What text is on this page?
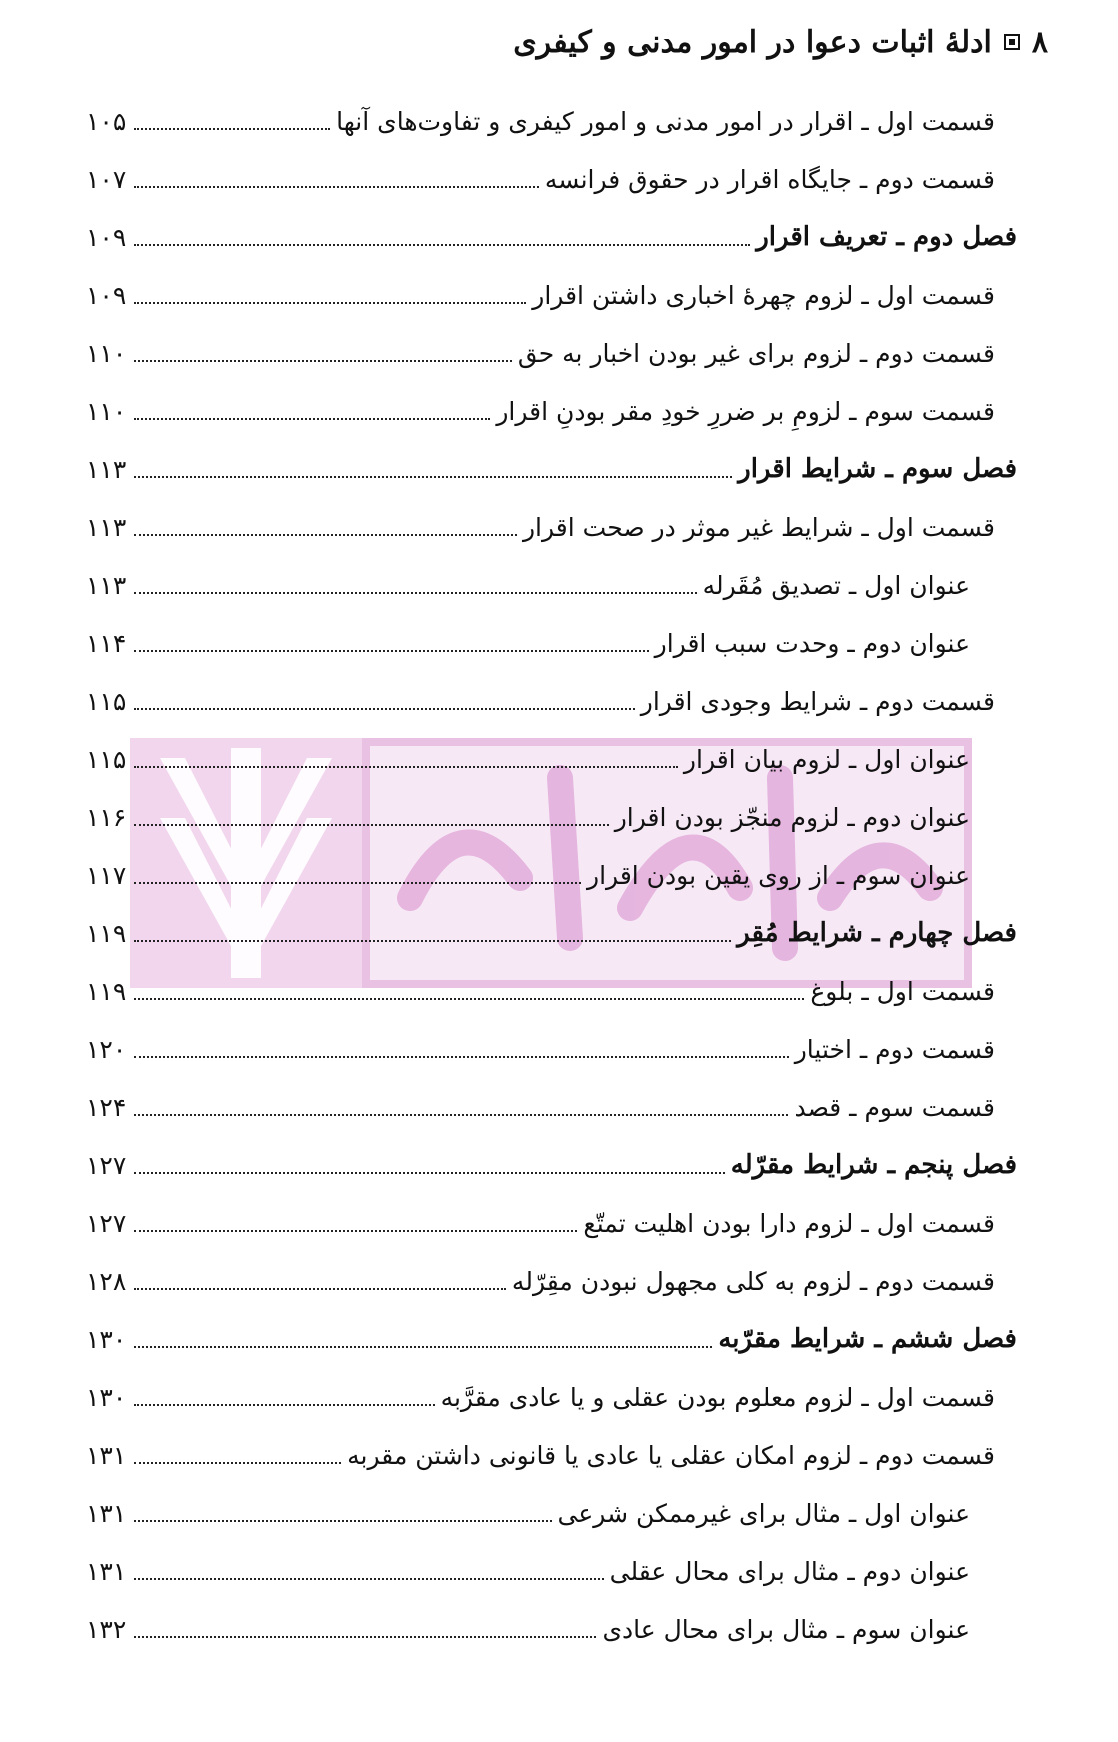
۸
ادلهٔ اثبات دعوا در امور مدنی و کیفری
قسمت اول ـ اقرار در امور مدنی و امور کیفری و تفاوت‌های آنها
۱۰۵
قسمت دوم ـ جایگاه اقرار در حقوق فرانسه
۱۰۷
فصل دوم ـ تعریف اقرار
۱۰۹
قسمت اول ـ لزوم چهرهٔ اخباری داشتن اقرار
۱۰۹
قسمت دوم ـ لزوم برای غیر بودن اخبار به حق
۱۱۰
قسمت سوم ـ لزومِ بر ضررِ خودِ مقر بودنِ اقرار
۱۱۰
فصل سوم ـ شرایط اقرار
۱۱۳
قسمت اول ـ شرایط غیر موثر در صحت اقرار
۱۱۳
عنوان اول ـ تصدیق مُقَرله
۱۱۳
عنوان دوم ـ وحدت سبب اقرار
۱۱۴
قسمت دوم ـ شرایط وجودی اقرار
۱۱۵
عنوان اول ـ لزوم بیان اقرار
۱۱۵
عنوان دوم ـ لزوم منجّز بودن اقرار
۱۱۶
عنوان سوم ـ از روی یقین بودن اقرار
۱۱۷
فصل چهارم ـ شرایط مُقِر
۱۱۹
قسمت اول ـ بلوغ
۱۱۹
قسمت دوم ـ اختیار
۱۲۰
قسمت سوم ـ قصد
۱۲۴
فصل پنجم ـ شرایط مقرّله
۱۲۷
قسمت اول ـ لزوم دارا بودن اهلیت تمتّع
۱۲۷
قسمت دوم ـ لزوم به کلی مجهول نبودن مقِرّله
۱۲۸
فصل ششم ـ شرایط مقرّبه
۱۳۰
قسمت اول ـ لزوم معلوم بودن عقلی و یا عادی مقرَّبه
۱۳۰
قسمت دوم ـ لزوم امکان عقلی یا عادی یا قانونی داشتن مقربه
۱۳۱
عنوان اول ـ مثال برای غیرممکن شرعی
۱۳۱
عنوان دوم ـ مثال برای محال عقلی
۱۳۱
عنوان سوم ـ مثال برای محال عادی
۱۳۲
